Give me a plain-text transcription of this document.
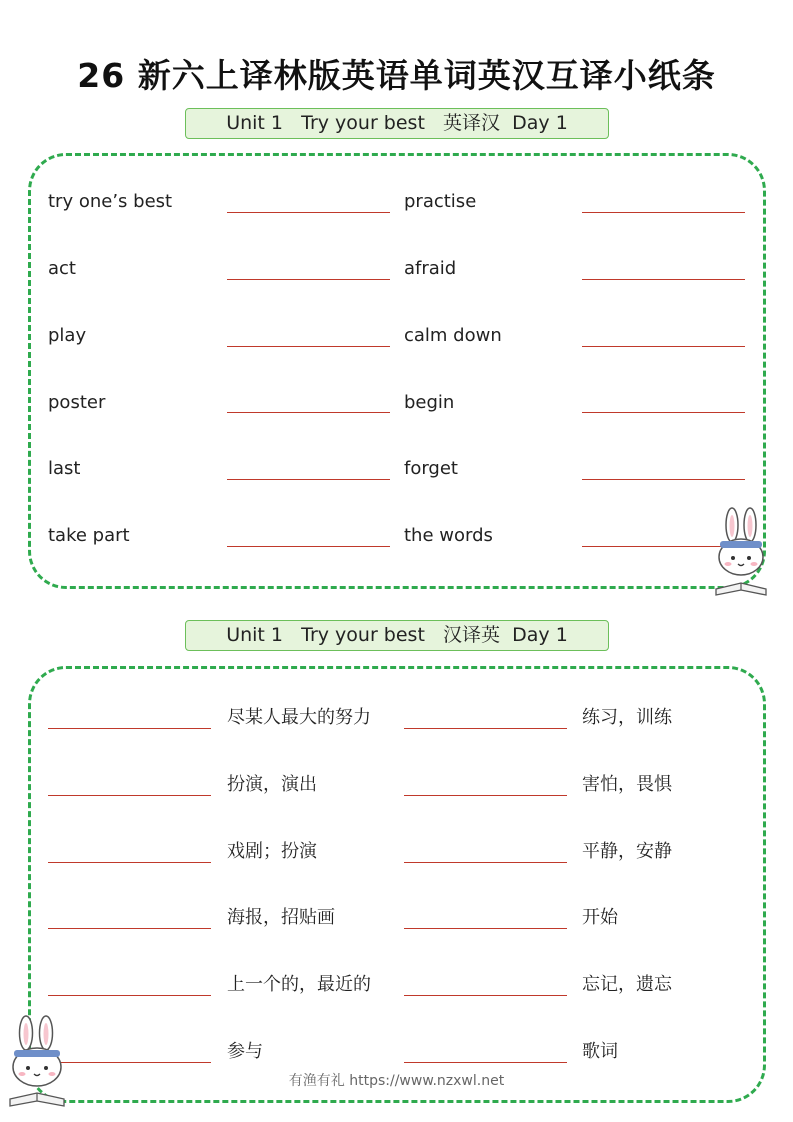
26 新六上译林版英语单词英汉互译小纸条
Unit 1 Try your best 英译汉 Day 1
try one’s best	practise
act	afraid
play	calm down
poster	begin
last	forget
take part	the words
Unit 1 Try your best 汉译英 Day 1
尽某人最大的努力	练习，训练
扮演，演出	害怕，畏惧
戏剧；扮演	平静，安静
海报，招贴画	开始
上一个的，最近的	忘记，遗忘
参与	歌词
有渔有礼 https://www.nzxwl.net
